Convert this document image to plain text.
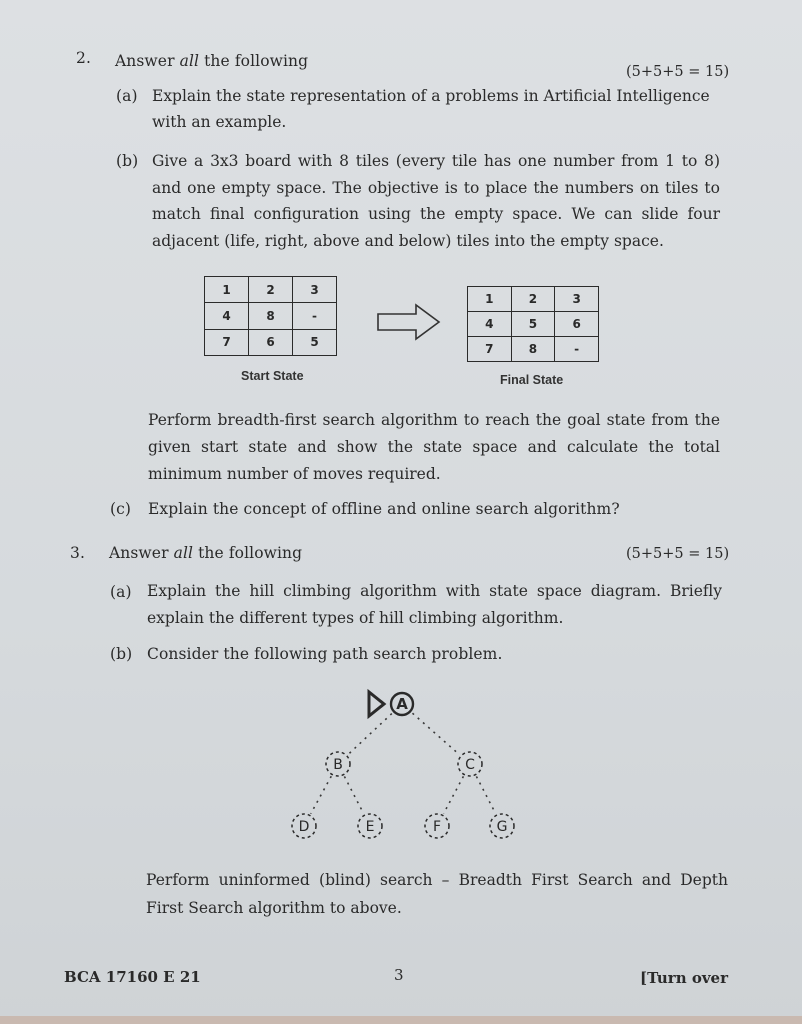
2. Answer all the following
(5+5+5 = 15)
(a) Explain the state representation of a problems in Artificial Intelligence with an example.
(b) Give a 3x3 board with 8 tiles (every tile has one number from 1 to 8) and one empty space. The objective is to place the numbers on tiles to match final configuration using the empty space. We can slide four adjacent (life, right, above and below) tiles into the empty space.
1	2	3
4	8	-
7	6	5
Start State
1	2	3
4	5	6
7	8	-
Final State
Perform breadth-first search algorithm to reach the goal state from the given start state and show the state space and calculate the total minimum number of moves required.
(c) Explain the concept of offline and online search algorithm?
3. Answer all the following	(5+5+5 = 15)
(a) Explain the hill climbing algorithm with state space diagram. Briefly explain the different types of hill climbing algorithm.
(b) Consider the following path search problem.
A
B	C
D	E	F	G
Perform uninformed (blind) search – Breadth First Search and Depth First Search algorithm to above.
BCA 17160 E 21	3	[Turn over
